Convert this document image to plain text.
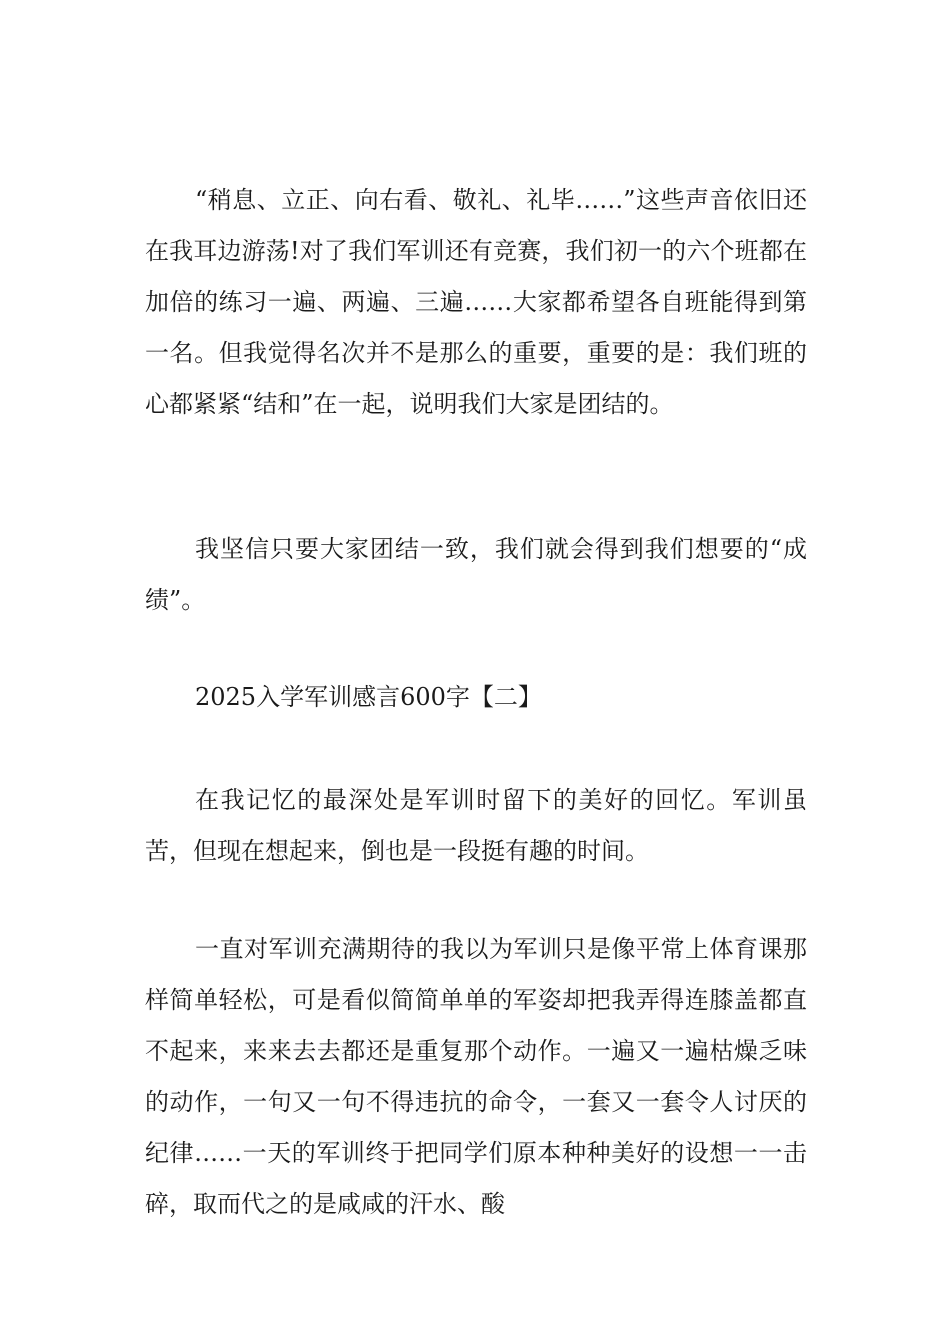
“稍息、立正、向右看、敬礼、礼毕……”这些声音依旧还在我耳边游荡!对了我们军训还有竞赛，我们初一的六个班都在加倍的练习一遍、两遍、三遍……大家都希望各自班能得到第一名。但我觉得名次并不是那么的重要，重要的是：我们班的心都紧紧“结和”在一起，说明我们大家是团结的。

我坚信只要大家团结一致，我们就会得到我们想要的“成绩”。

2025入学军训感言600字【二】

在我记忆的最深处是军训时留下的美好的回忆。军训虽苦，但现在想起来，倒也是一段挺有趣的时间。

一直对军训充满期待的我以为军训只是像平常上体育课那样简单轻松，可是看似简简单单的军姿却把我弄得连膝盖都直不起来，来来去去都还是重复那个动作。一遍又一遍枯燥乏味的动作，一句又一句不得违抗的命令，一套又一套令人讨厌的纪律……一天的军训终于把同学们原本种种美好的设想一一击碎，取而代之的是咸咸的汗水、酸
